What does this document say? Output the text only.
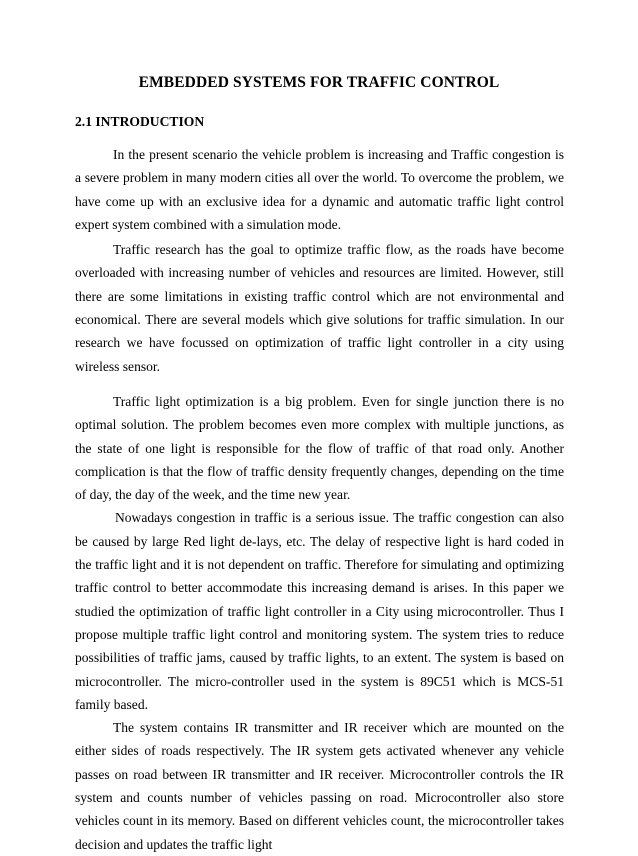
EMBEDDED SYSTEMS FOR TRAFFIC CONTROL
2.1 INTRODUCTION

In the present scenario the vehicle problem is increasing and Traffic congestion is a severe problem in many modern cities all over the world. To overcome the problem, we have come up with an exclusive idea for a dynamic and automatic traffic light control expert system combined with a simulation mode.

Traffic research has the goal to optimize traffic flow, as the roads have become overloaded with increasing number of vehicles and resources are limited. However, still there are some limitations in existing traffic control which are not environmental and economical. There are several models which give solutions for traffic simulation. In our research we have focussed on optimization of traffic light controller in a city using wireless sensor.

Traffic light optimization is a big problem. Even for single junction there is no optimal solution. The problem becomes even more complex with multiple junctions, as the state of one light is responsible for the flow of traffic of that road only. Another complication is that the flow of traffic density frequently changes, depending on the time of day, the day of the week, and the time new year.

Nowadays congestion in traffic is a serious issue. The traffic congestion can also be caused by large Red light de-lays, etc. The delay of respective light is hard coded in the traffic light and it is not dependent on traffic. Therefore for simulating and optimizing traffic control to better accommodate this increasing demand is arises. In this paper we studied the optimization of traffic light controller in a City using microcontroller. Thus I propose multiple traffic light control and monitoring system. The system tries to reduce possibilities of traffic jams, caused by traffic lights, to an extent. The system is based on microcontroller. The micro-controller used in the system is 89C51 which is MCS-51 family based.

The system contains IR transmitter and IR receiver which are mounted on the either sides of roads respectively. The IR system gets activated whenever any vehicle passes on road between IR transmitter and IR receiver. Microcontroller controls the IR system and counts number of vehicles passing on road. Microcontroller also store vehicles count in its memory. Based on different vehicles count, the microcontroller takes decision and updates the traffic light
